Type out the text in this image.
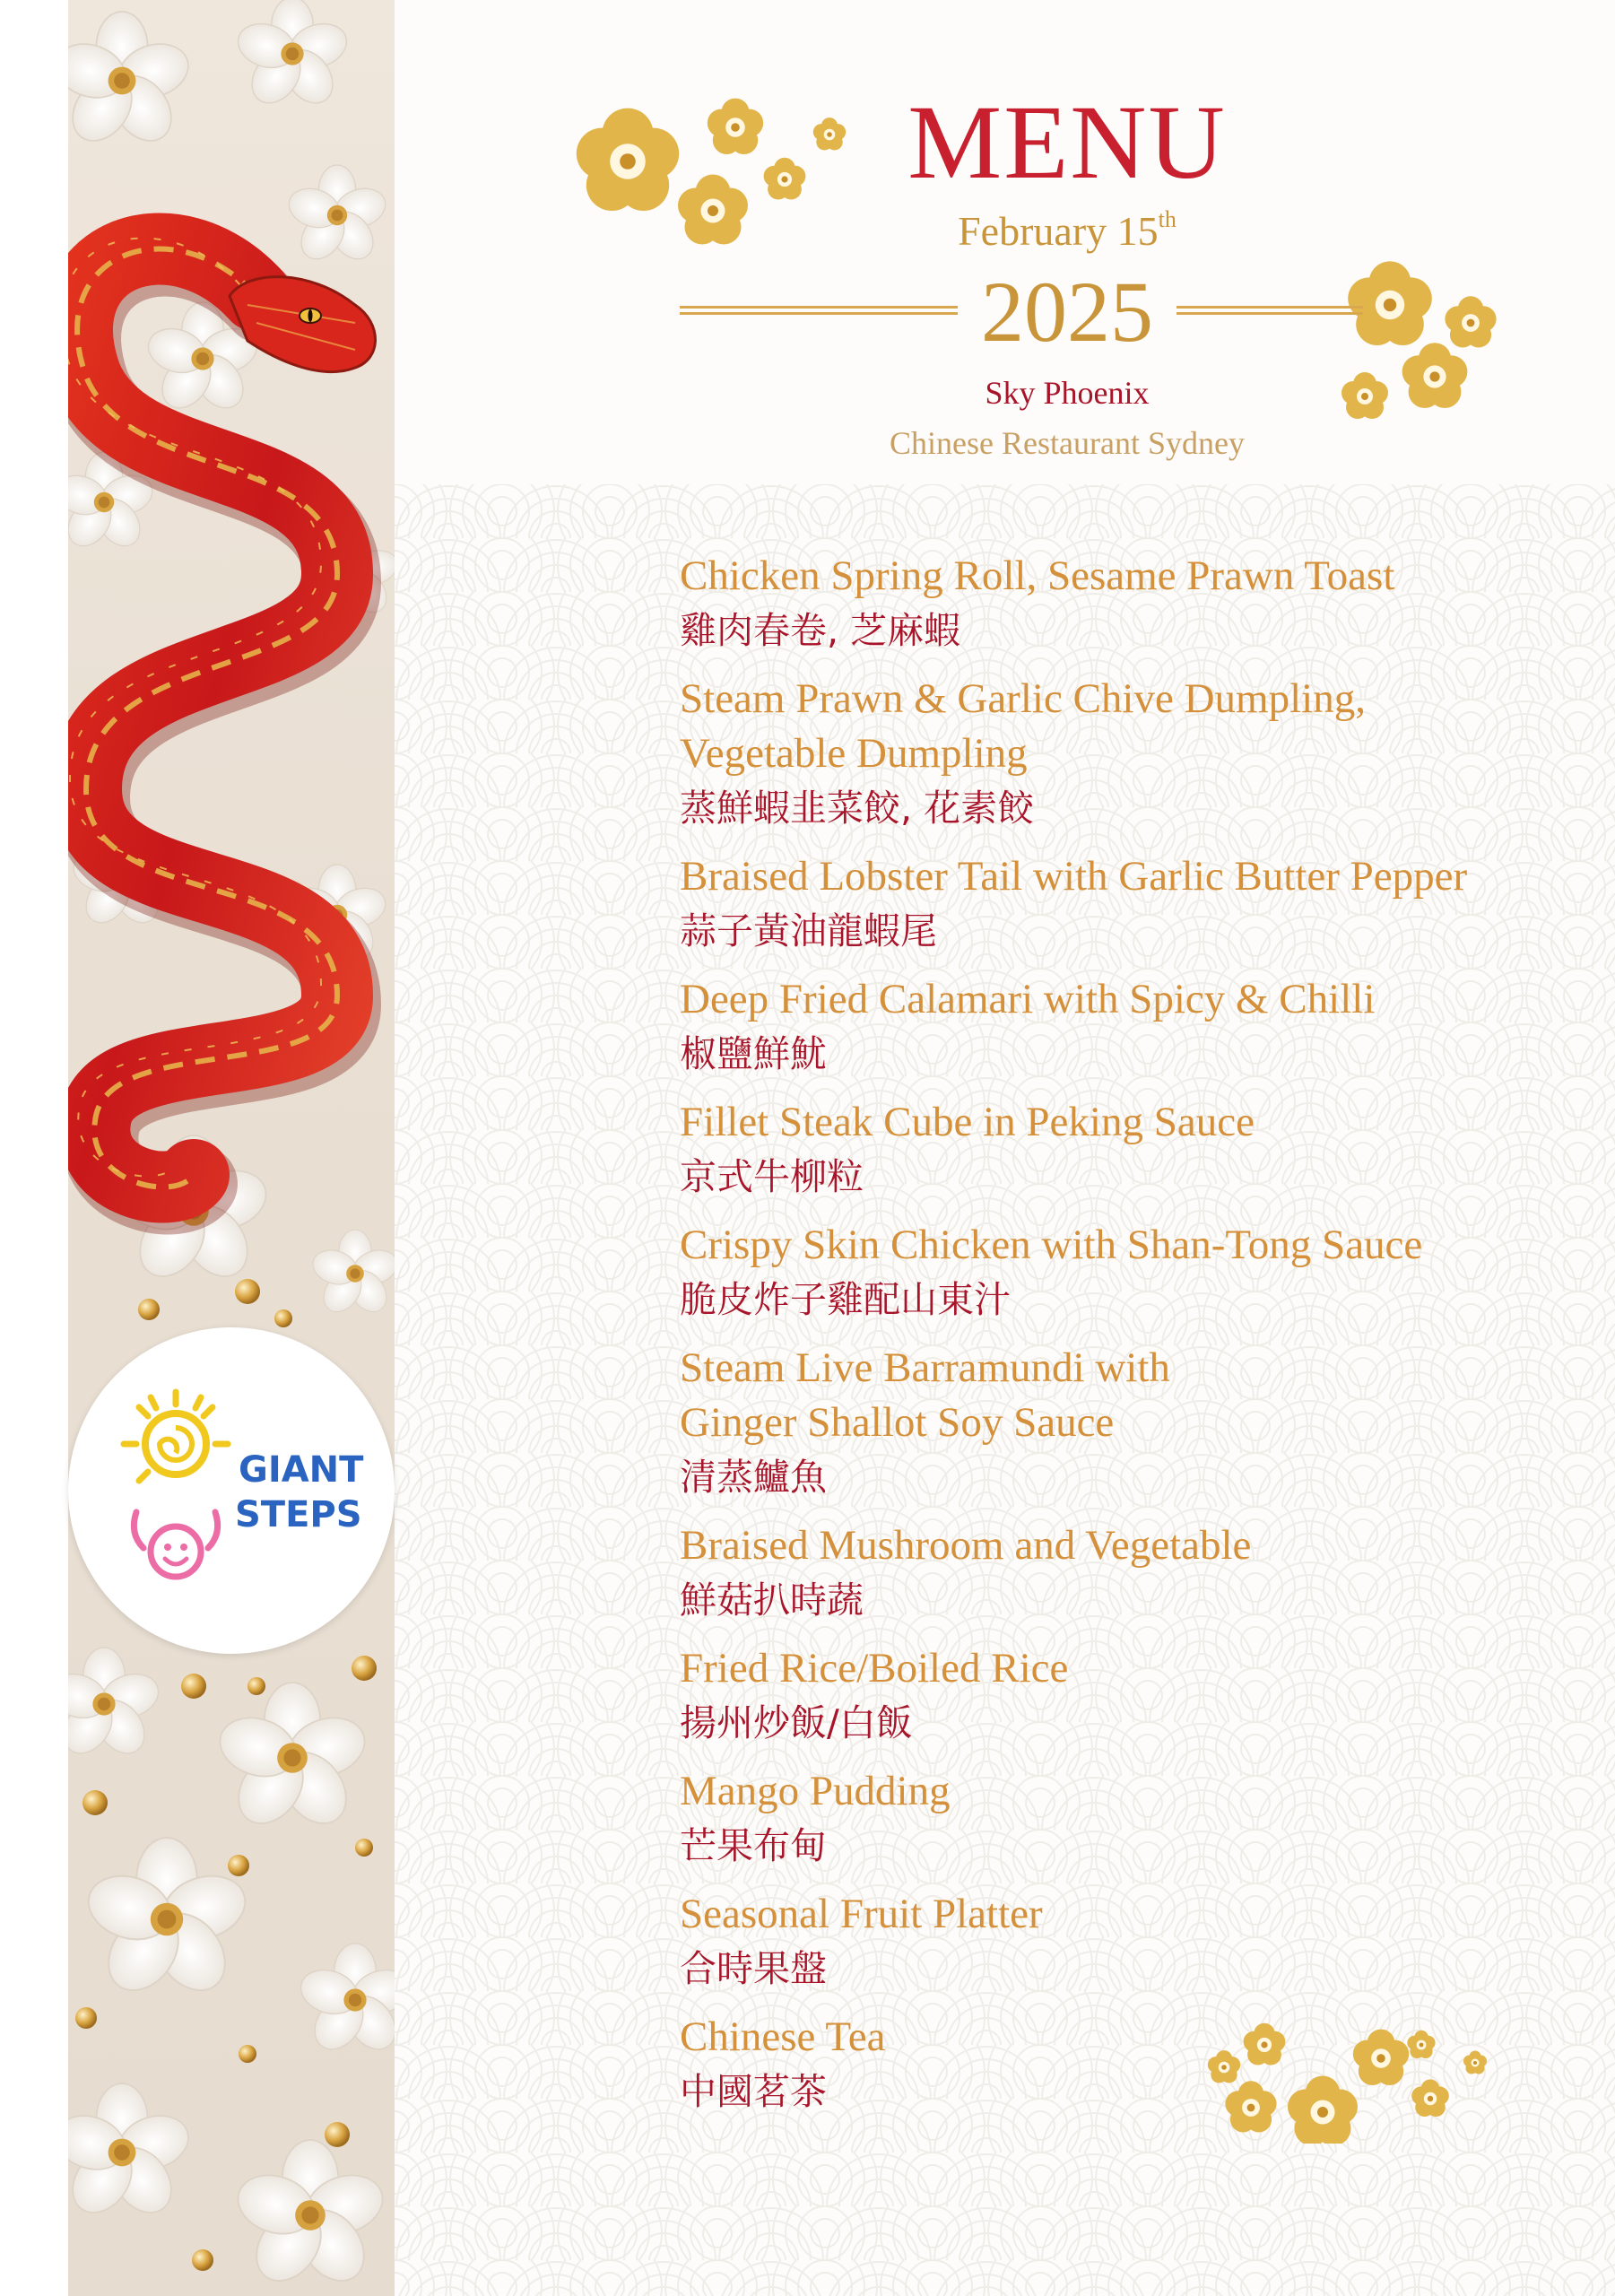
GIANT
STEPS
MENU
February 15th
2025
Sky Phoenix
Chinese Restaurant Sydney
Chicken Spring Roll, Sesame Prawn Toast
雞肉春卷, 芝麻蝦
Steam Prawn & Garlic Chive Dumpling,
Vegetable Dumpling
蒸鮮蝦韭菜餃, 花素餃
Braised Lobster Tail with Garlic Butter Pepper
蒜子黃油龍蝦尾
Deep Fried Calamari with Spicy & Chilli
椒鹽鮮魷
Fillet Steak Cube in Peking Sauce
京式牛柳粒
Crispy Skin Chicken with Shan-Tong Sauce
脆皮炸子雞配山東汁
Steam Live Barramundi with
Ginger Shallot Soy Sauce
清蒸鱸魚
Braised Mushroom and Vegetable
鮮菇扒時蔬
Fried Rice/Boiled Rice
揚州炒飯/白飯
Mango Pudding
芒果布甸
Seasonal Fruit Platter
合時果盤
Chinese Tea
中國茗茶
